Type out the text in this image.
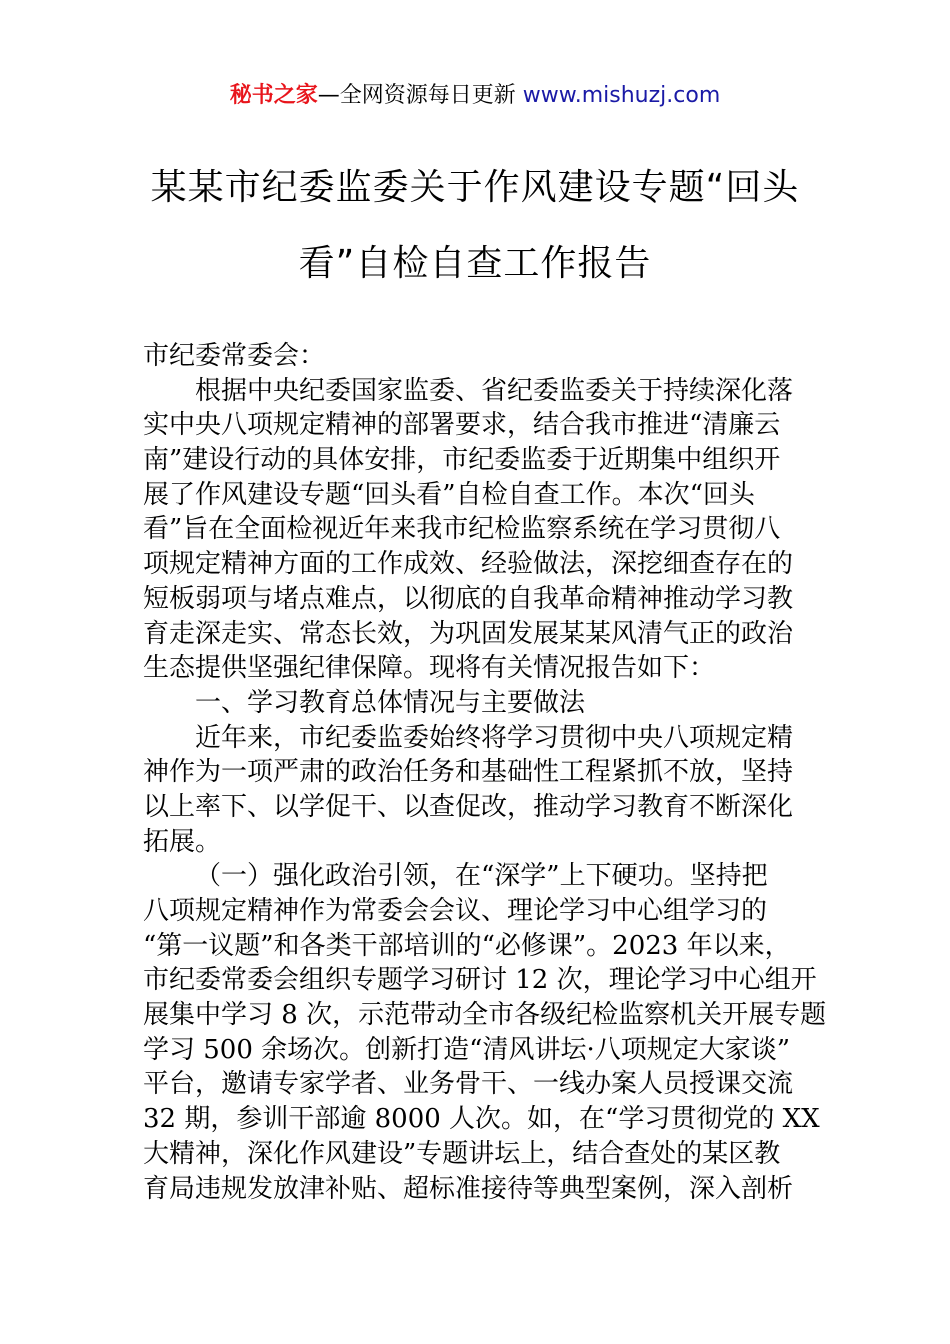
秘书之家—全网资源每日更新 www.mishuzj.com
某某市纪委监委关于作风建设专题“回头
看”自检自查工作报告
市纪委常委会：
根据中央纪委国家监委、省纪委监委关于持续深化落
实中央八项规定精神的部署要求，结合我市推进“清廉云
南”建设行动的具体安排，市纪委监委于近期集中组织开
展了作风建设专题“回头看”自检自查工作。本次“回头
看”旨在全面检视近年来我市纪检监察系统在学习贯彻八
项规定精神方面的工作成效、经验做法，深挖细查存在的
短板弱项与堵点难点，以彻底的自我革命精神推动学习教
育走深走实、常态长效，为巩固发展某某风清气正的政治
生态提供坚强纪律保障。现将有关情况报告如下：
一、学习教育总体情况与主要做法
近年来，市纪委监委始终将学习贯彻中央八项规定精
神作为一项严肃的政治任务和基础性工程紧抓不放，坚持
以上率下、以学促干、以查促改，推动学习教育不断深化
拓展。
（一）强化政治引领，在“深学”上下硬功。坚持把
八项规定精神作为常委会会议、理论学习中心组学习的
“第一议题”和各类干部培训的“必修课”。2023 年以来，
市纪委常委会组织专题学习研讨 12 次，理论学习中心组开
展集中学习 8 次，示范带动全市各级纪检监察机关开展专题
学习 500 余场次。创新打造“清风讲坛·八项规定大家谈”
平台，邀请专家学者、业务骨干、一线办案人员授课交流
32 期，参训干部逾 8000 人次。如，在“学习贯彻党的 XX
大精神，深化作风建设”专题讲坛上，结合查处的某区教
育局违规发放津补贴、超标准接待等典型案例，深入剖析
